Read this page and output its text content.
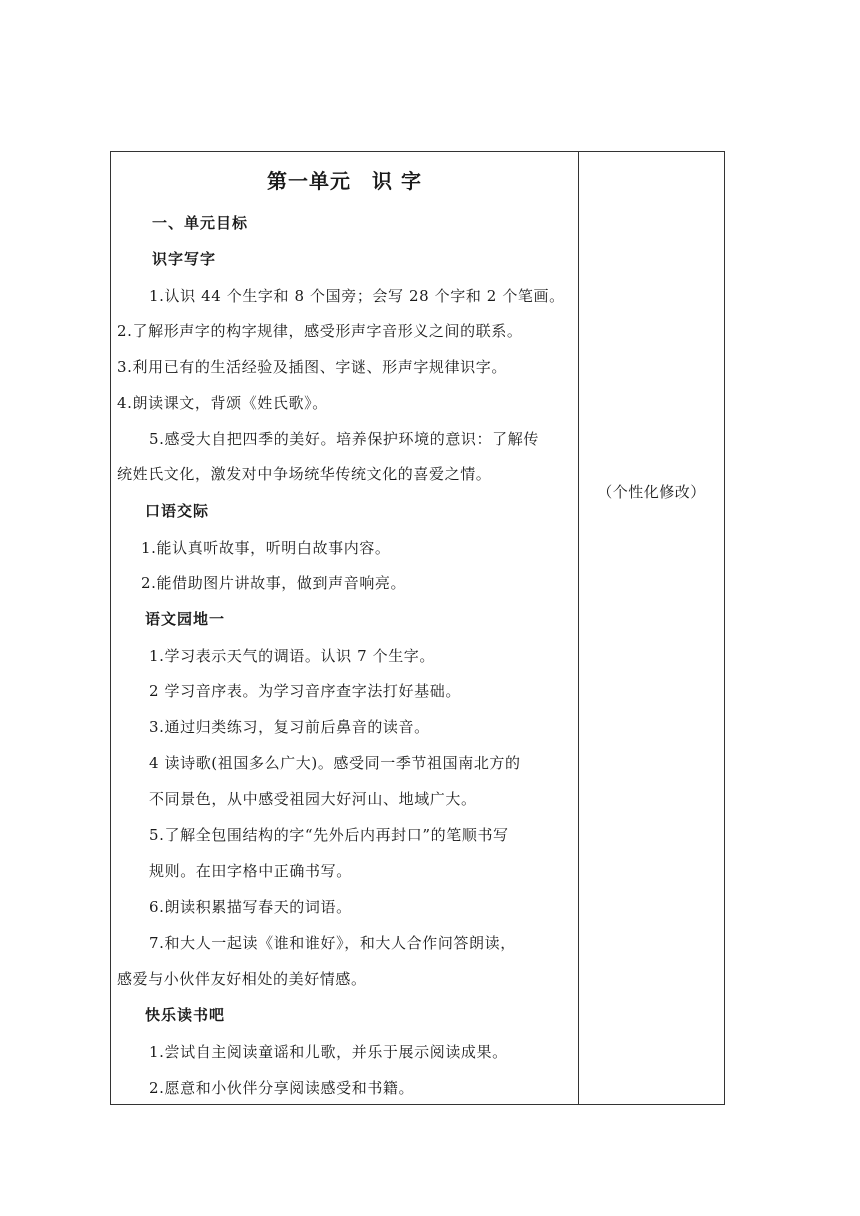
第一单元　识 字
一、单元目标
识字写字
1.认识 44 个生字和 8 个国旁；会写 28 个字和 2 个笔画。
2.了解形声字的构字规律，感受形声字音形义之间的联系。
3.利用已有的生活经验及插图、字谜、形声字规律识字。
4.朗读课文，背颂《姓氏歌》。
5.感受大自把四季的美好。培养保护环境的意识：了解传
统姓氏文化，激发对中争场统华传统文化的喜爱之情。
口语交际
1.能认真听故事，听明白故事内容。
2.能借助图片讲故事，做到声音响亮。
语文园地一
1.学习表示天气的调语。认识 7 个生字。
2 学习音序表。为学习音序查字法打好基础。
3.通过归类练习，复习前后鼻音的读音。
4 读诗歌(祖国多么广大)。感受同一季节祖国南北方的
不同景色，从中感受祖园大好河山、地域广大。
5.了解全包围结构的字“先外后内再封口”的笔顺书写
规则。在田字格中正确书写。
6.朗读积累描写春天的词语。
7.和大人一起读《谁和谁好》，和大人合作问答朗读，
感爱与小伙伴友好相处的美好情感。
快乐读书吧
1.尝试自主阅读童谣和儿歌，并乐于展示阅读成果。
2.愿意和小伙伴分享阅读感受和书籍。
（个性化修改）
